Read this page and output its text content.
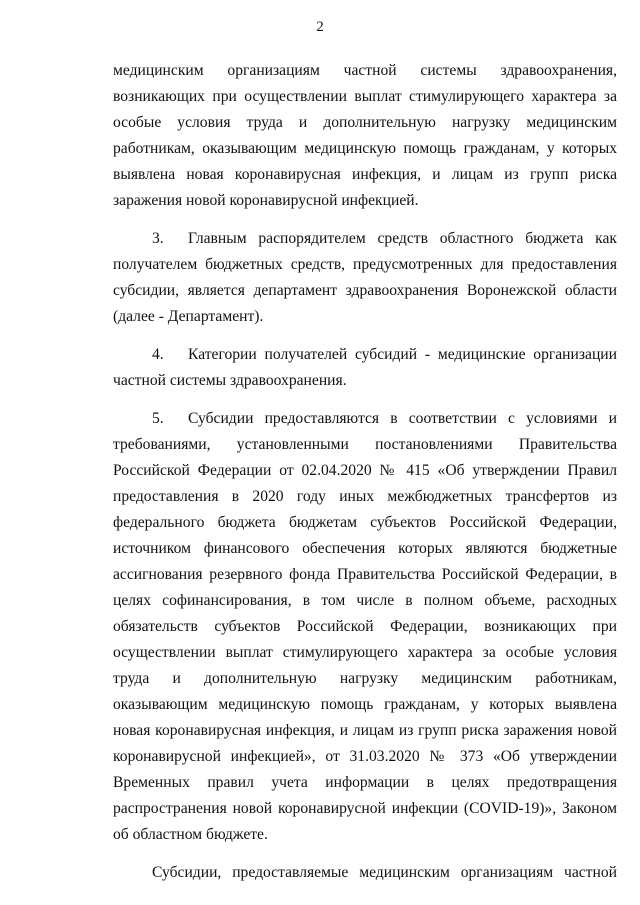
2

медицинским организациям частной системы здравоохранения, возникающих при осуществлении выплат стимулирующего характера за особые условия труда и дополнительную нагрузку медицинским работникам, оказывающим медицинскую помощь гражданам, у которых выявлена новая коронавирусная инфекция, и лицам из групп риска заражения новой коронавирусной инфекцией.

3. Главным распорядителем средств областного бюджета как получателем бюджетных средств, предусмотренных для предоставления субсидии, является департамент здравоохранения Воронежской области (далее - Департамент).

4. Категории получателей субсидий - медицинские организации частной системы здравоохранения.

5. Субсидии предоставляются в соответствии с условиями и требованиями, установленными постановлениями Правительства Российской Федерации от 02.04.2020 № 415 «Об утверждении Правил предоставления в 2020 году иных межбюджетных трансфертов из федерального бюджета бюджетам субъектов Российской Федерации, источником финансового обеспечения которых являются бюджетные ассигнования резервного фонда Правительства Российской Федерации, в целях софинансирования, в том числе в полном объеме, расходных обязательств субъектов Российской Федерации, возникающих при осуществлении выплат стимулирующего характера за особые условия труда и дополнительную нагрузку медицинским работникам, оказывающим медицинскую помощь гражданам, у которых выявлена новая коронавирусная инфекция, и лицам из групп риска заражения новой коронавирусной инфекцией», от 31.03.2020 № 373 «Об утверждении Временных правил учета информации в целях предотвращения распространения новой коронавирусной инфекции (COVID-19)», Законом об областном бюджете.

Субсидии, предоставляемые медицинским организациям частной
